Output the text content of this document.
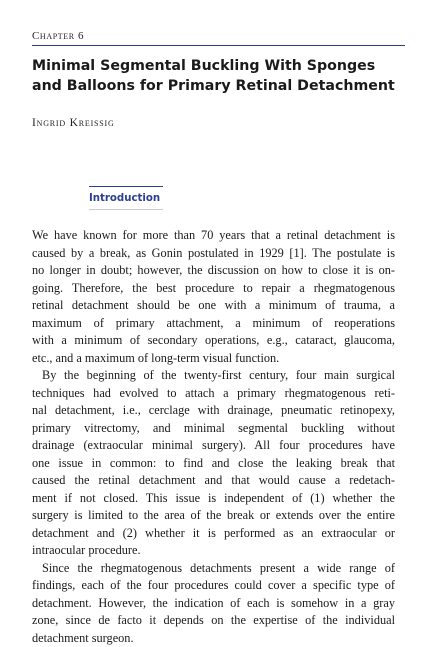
Chapter 6
Minimal Segmental Buckling With Sponges
and Balloons for Primary Retinal Detachment
Ingrid Kreissig
Introduction
We have known for more than 70 years that a retinal detachment is
caused by a break, as Gonin postulated in 1929 [1]. The postulate is
no longer in doubt; however, the discussion on how to close it is on-
going. Therefore, the best procedure to repair a rhegmatogenous
retinal detachment should be one with a minimum of trauma, a
maximum of primary attachment, a minimum of reoperations
with a minimum of secondary operations, e.g., cataract, glaucoma,
etc., and a maximum of long-term visual function.
By the beginning of the twenty-first century, four main surgical
techniques had evolved to attach a primary rhegmatogenous reti-
nal detachment, i.e., cerclage with drainage, pneumatic retinopexy,
primary vitrectomy, and minimal segmental buckling without
drainage (extraocular minimal surgery). All four procedures have
one issue in common: to find and close the leaking break that
caused the retinal detachment and that would cause a redetach-
ment if not closed. This issue is independent of (1) whether the
surgery is limited to the area of the break or extends over the entire
detachment and (2) whether it is performed as an extraocular or
intraocular procedure.
Since the rhegmatogenous detachments present a wide range of
findings, each of the four procedures could cover a specific type of
detachment. However, the indication of each is somehow in a gray
zone, since de facto it depends on the expertise of the individual
detachment surgeon.
